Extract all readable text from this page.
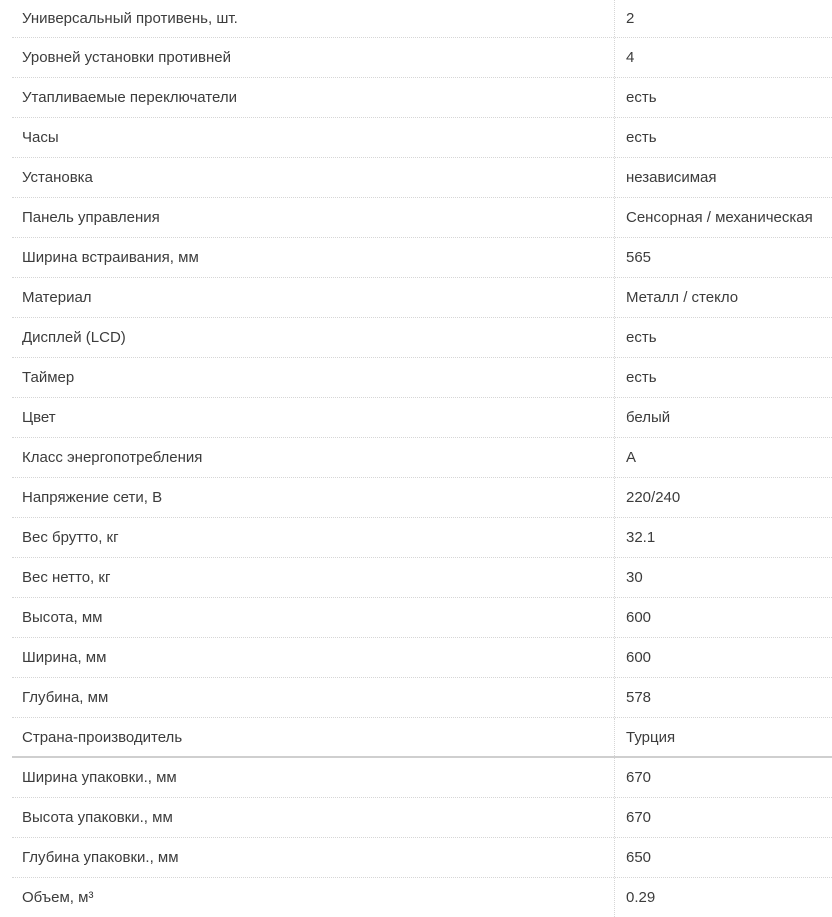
Универсальный противень, шт.	2
Уровней установки противней	4
Утапливаемые переключатели	есть
Часы	есть
Установка	независимая
Панель управления	Сенсорная / механическая
Ширина встраивания, мм	565
Материал	Металл / стекло
Дисплей (LCD)	есть
Таймер	есть
Цвет	белый
Класс энергопотребления	A
Напряжение сети, В	220/240
Вес брутто, кг	32.1
Вес нетто, кг	30
Высота, мм	600
Ширина, мм	600
Глубина, мм	578
Страна-производитель	Турция
Ширина упаковки., мм	670
Высота упаковки., мм	670
Глубина упаковки., мм	650
Объем, м³	0.29
